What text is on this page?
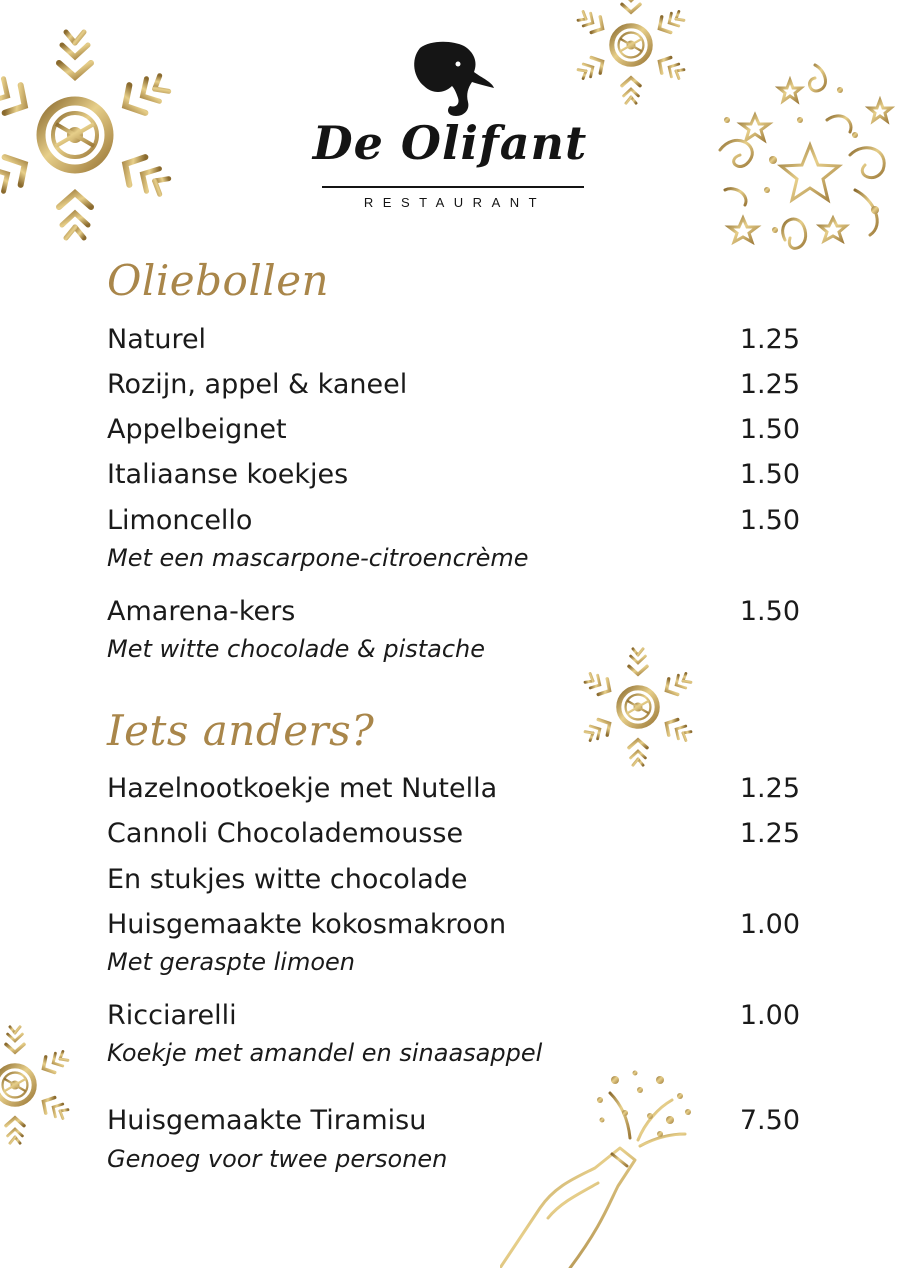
De Olifant
RESTAURANT
Oliebollen
Naturel	1.25
Rozijn, appel & kaneel	1.25
Appelbeignet	1.50
Italiaanse koekjes	1.50
Limoncello	1.50
Met een mascarpone-citroencrème
Amarena-kers	1.50
Met witte chocolade & pistache
Iets anders?
Hazelnootkoekje met Nutella	1.25
Cannoli Chocolademousse	1.25
En stukjes witte chocolade
Huisgemaakte kokosmakroon	1.00
Met geraspte limoen
Ricciarelli	1.00
Koekje met amandel en sinaasappel
Huisgemaakte Tiramisu	7.50
Genoeg voor twee personen
